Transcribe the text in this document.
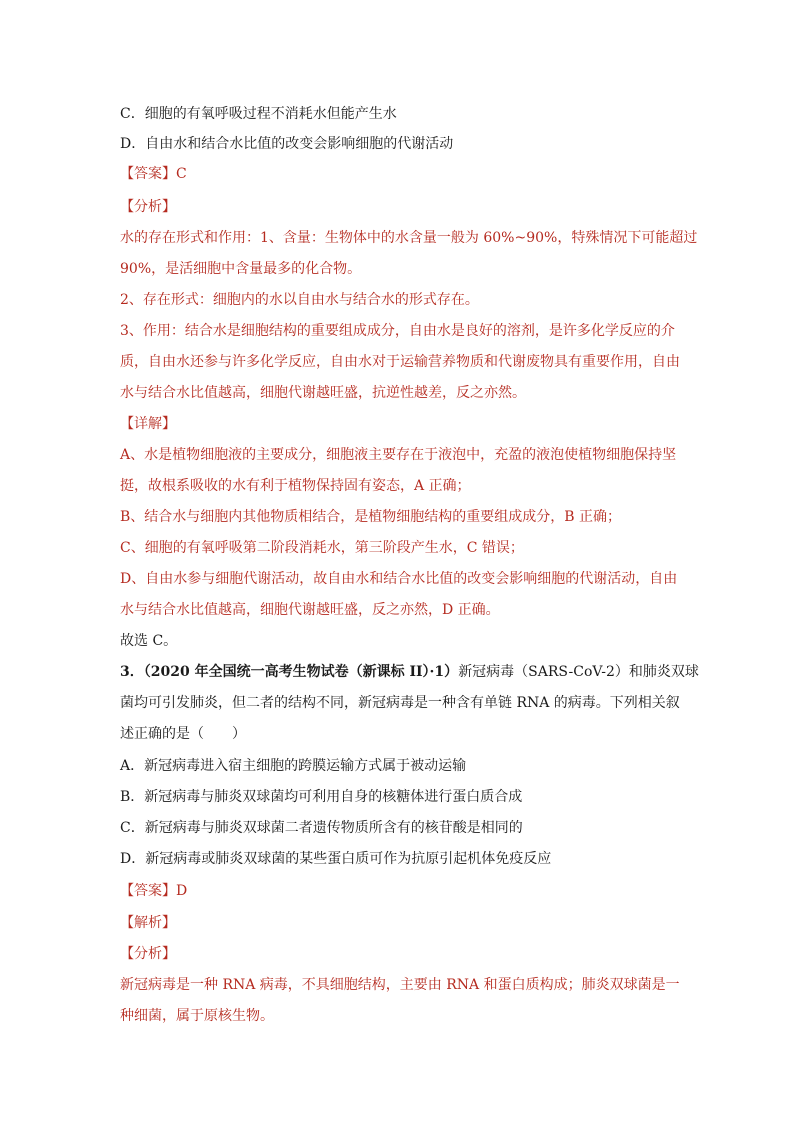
C．细胞的有氧呼吸过程不消耗水但能产生水
D．自由水和结合水比值的改变会影响细胞的代谢活动
【答案】C
【分析】
水的存在形式和作用：1、含量：生物体中的水含量一般为 60%~90%，特殊情况下可能超过
90%，是活细胞中含量最多的化合物。
2、存在形式：细胞内的水以自由水与结合水的形式存在。
3、作用：结合水是细胞结构的重要组成成分，自由水是良好的溶剂，是许多化学反应的介
质，自由水还参与许多化学反应，自由水对于运输营养物质和代谢废物具有重要作用，自由
水与结合水比值越高，细胞代谢越旺盛，抗逆性越差，反之亦然。
【详解】
A、水是植物细胞液的主要成分，细胞液主要存在于液泡中，充盈的液泡使植物细胞保持坚
挺，故根系吸收的水有利于植物保持固有姿态，A 正确；
B、结合水与细胞内其他物质相结合，是植物细胞结构的重要组成成分，B 正确；
C、细胞的有氧呼吸第二阶段消耗水，第三阶段产生水，C 错误；
D、自由水参与细胞代谢活动，故自由水和结合水比值的改变会影响细胞的代谢活动，自由
水与结合水比值越高，细胞代谢越旺盛，反之亦然，D 正确。
故选 C。
3．（2020 年全国统一高考生物试卷（新课标 II）·1）新冠病毒（SARS-CoV-2）和肺炎双球
菌均可引发肺炎，但二者的结构不同，新冠病毒是一种含有单链 RNA 的病毒。下列相关叙
述正确的是（　　）
A．新冠病毒进入宿主细胞的跨膜运输方式属于被动运输
B．新冠病毒与肺炎双球菌均可利用自身的核糖体进行蛋白质合成
C．新冠病毒与肺炎双球菌二者遗传物质所含有的核苷酸是相同的
D．新冠病毒或肺炎双球菌的某些蛋白质可作为抗原引起机体免疫反应
【答案】D
【解析】
【分析】
新冠病毒是一种 RNA 病毒，不具细胞结构，主要由 RNA 和蛋白质构成；肺炎双球菌是一
种细菌，属于原核生物。
